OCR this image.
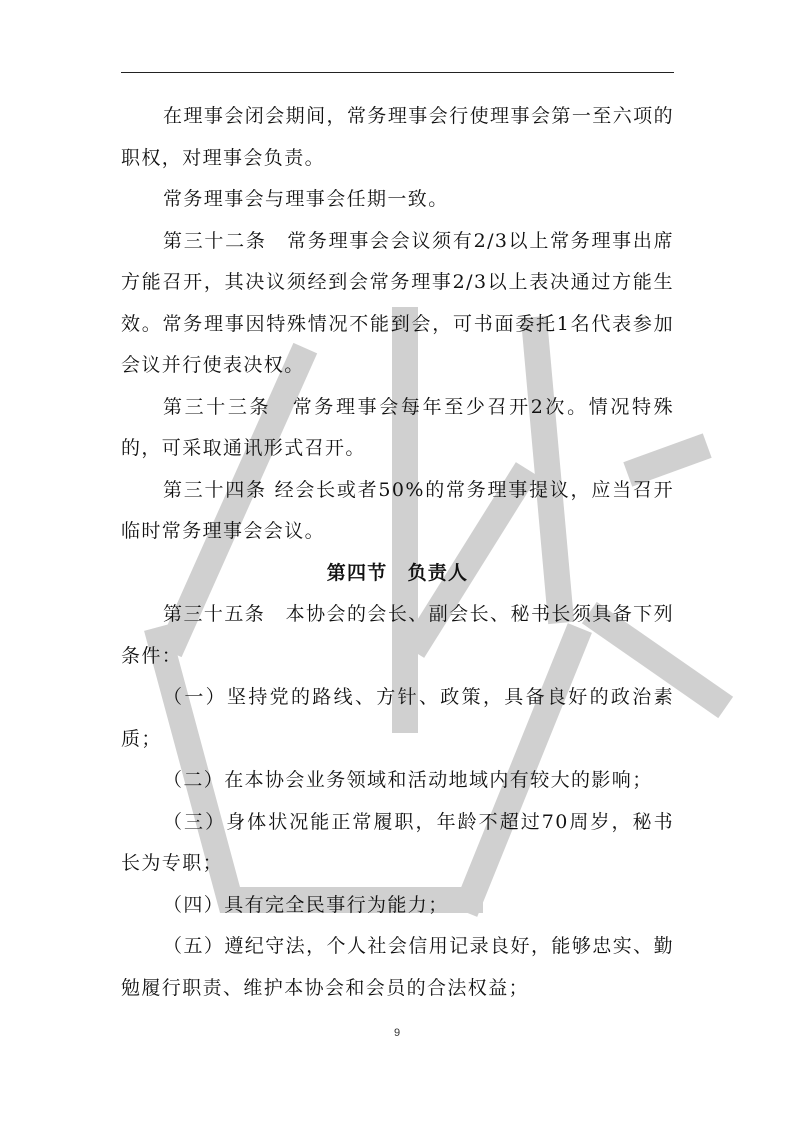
在理事会闭会期间，常务理事会行使理事会第一至六项的职权，对理事会负责。

常务理事会与理事会任期一致。

第三十二条　常务理事会会议须有2/3以上常务理事出席方能召开，其决议须经到会常务理事2/3以上表决通过方能生效。常务理事因特殊情况不能到会，可书面委托1名代表参加会议并行使表决权。

第三十三条　常务理事会每年至少召开2次。情况特殊的，可采取通讯形式召开。

第三十四条 经会长或者50%的常务理事提议，应当召开临时常务理事会会议。

第四节　负责人

第三十五条　本协会的会长、副会长、秘书长须具备下列条件：

（一）坚持党的路线、方针、政策，具备良好的政治素质；

（二）在本协会业务领域和活动地域内有较大的影响；

（三）身体状况能正常履职，年龄不超过70周岁，秘书长为专职；

（四）具有完全民事行为能力；

（五）遵纪守法，个人社会信用记录良好，能够忠实、勤勉履行职责、维护本协会和会员的合法权益；

9
